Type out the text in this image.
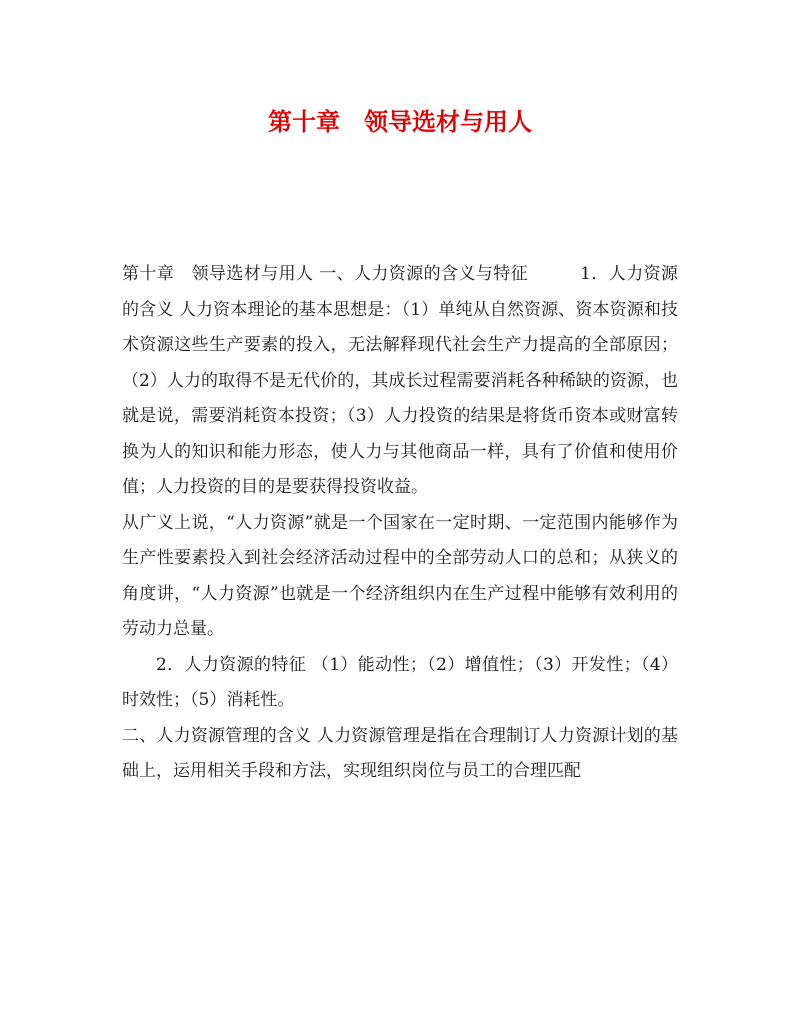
第十章　领导选材与用人

第十章　领导选材与用人 一、人力资源的含义与特征　　　1．人力资源的含义 人力资本理论的基本思想是：（1）单纯从自然资源、资本资源和技术资源这些生产要素的投入，无法解释现代社会生产力提高的全部原因；（2）人力的取得不是无代价的，其成长过程需要消耗各种稀缺的资源，也就是说，需要消耗资本投资；（3）人力投资的结果是将货币资本或财富转换为人的知识和能力形态，使人力与其他商品一样，具有了价值和使用价值；人力投资的目的是要获得投资收益。

从广义上说，“人力资源”就是一个国家在一定时期、一定范围内能够作为生产性要素投入到社会经济活动过程中的全部劳动人口的总和；从狭义的角度讲，“人力资源”也就是一个经济组织内在生产过程中能够有效利用的劳动力总量。

2．人力资源的特征 （1）能动性；（2）增值性；（3）开发性；（4）时效性；（5）消耗性。

二、人力资源管理的含义 人力资源管理是指在合理制订人力资源计划的基础上，运用相关手段和方法，实现组织岗位与员工的合理匹配
